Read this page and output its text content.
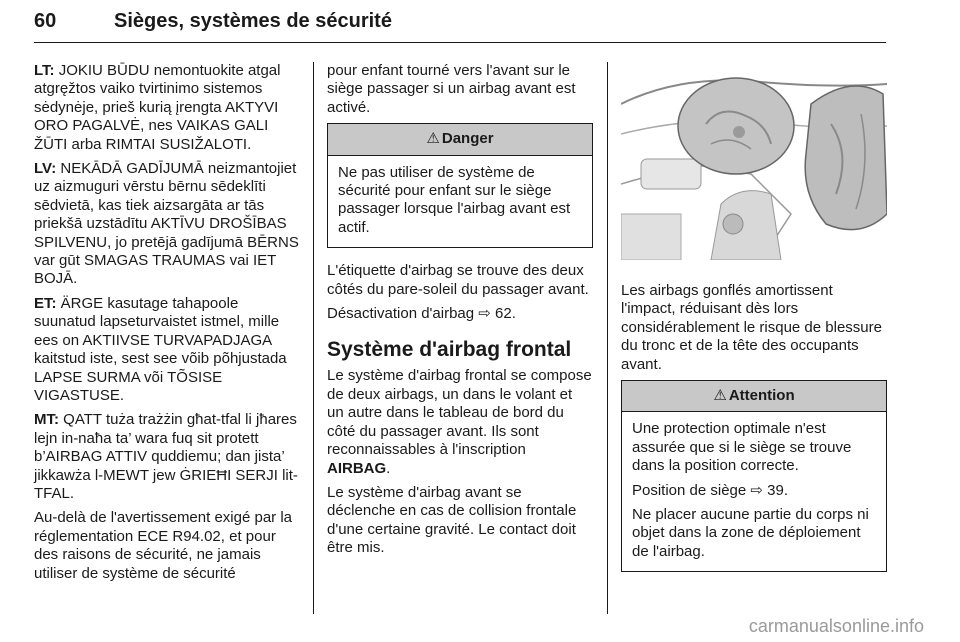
60	Sièges, systèmes de sécurité

LT: JOKIU BŪDU nemontuokite atgal atgręžtos vaiko tvirtinimo sistemos sėdynėje, prieš kurią įrengta AKTYVI ORO PAGALVĖ, nes VAIKAS GALI ŽŪTI arba RIMTAI SUSIŽALOTI.

LV: NEKĀDĀ GADĪJUMĀ neizmantojiet uz aizmuguri vērstu bērnu sēdeklīti sēdvietā, kas tiek aizsargāta ar tās priekšā uzstādītu AKTĪVU DROŠĪBAS SPILVENU, jo pretējā gadījumā BĒRNS var gūt SMAGAS TRAUMAS vai IET BOJĀ.

ET: ÄRGE kasutage tahapoole suunatud lapseturvaistet istmel, mille ees on AKTIIVSE TURVAPADJAGA kaitstud iste, sest see võib põhjustada LAPSE SURMA või TÕSISE VIGASTUSE.

MT: QATT tuża trażżin għat-tfal li jħares lejn in-naħa ta’ wara fuq sit protett b’AIRBAG ATTIV quddiemu; dan jista’ jikkawża l-MEWT jew ĠRIEĦI SERJI lit-TFAL.

Au-delà de l'avertissement exigé par la réglementation ECE R94.02, et pour des raisons de sécurité, ne jamais utiliser de système de sécurité

pour enfant tourné vers l'avant sur le siège passager si un airbag avant est activé.

⚠ Danger

Ne pas utiliser de système de sécurité pour enfant sur le siège passager lorsque l'airbag avant est actif.

L'étiquette d'airbag se trouve des deux côtés du pare-soleil du passager avant.

Désactivation d'airbag ⇨ 62.

Système d'airbag frontal

Le système d'airbag frontal se compose de deux airbags, un dans le volant et un autre dans le tableau de bord du côté du passager avant. Ils sont reconnaissables à l'inscription AIRBAG.

Le système d'airbag avant se déclenche en cas de collision frontale d'une certaine gravité. Le contact doit être mis.

Les airbags gonflés amortissent l'impact, réduisant dès lors considérablement le risque de blessure du tronc et de la tête des occupants avant.

⚠ Attention

Une protection optimale n'est assurée que si le siège se trouve dans la position correcte.

Position de siège ⇨ 39.

Ne placer aucune partie du corps ni objet dans la zone de déploiement de l'airbag.

carmanualsonline.info
